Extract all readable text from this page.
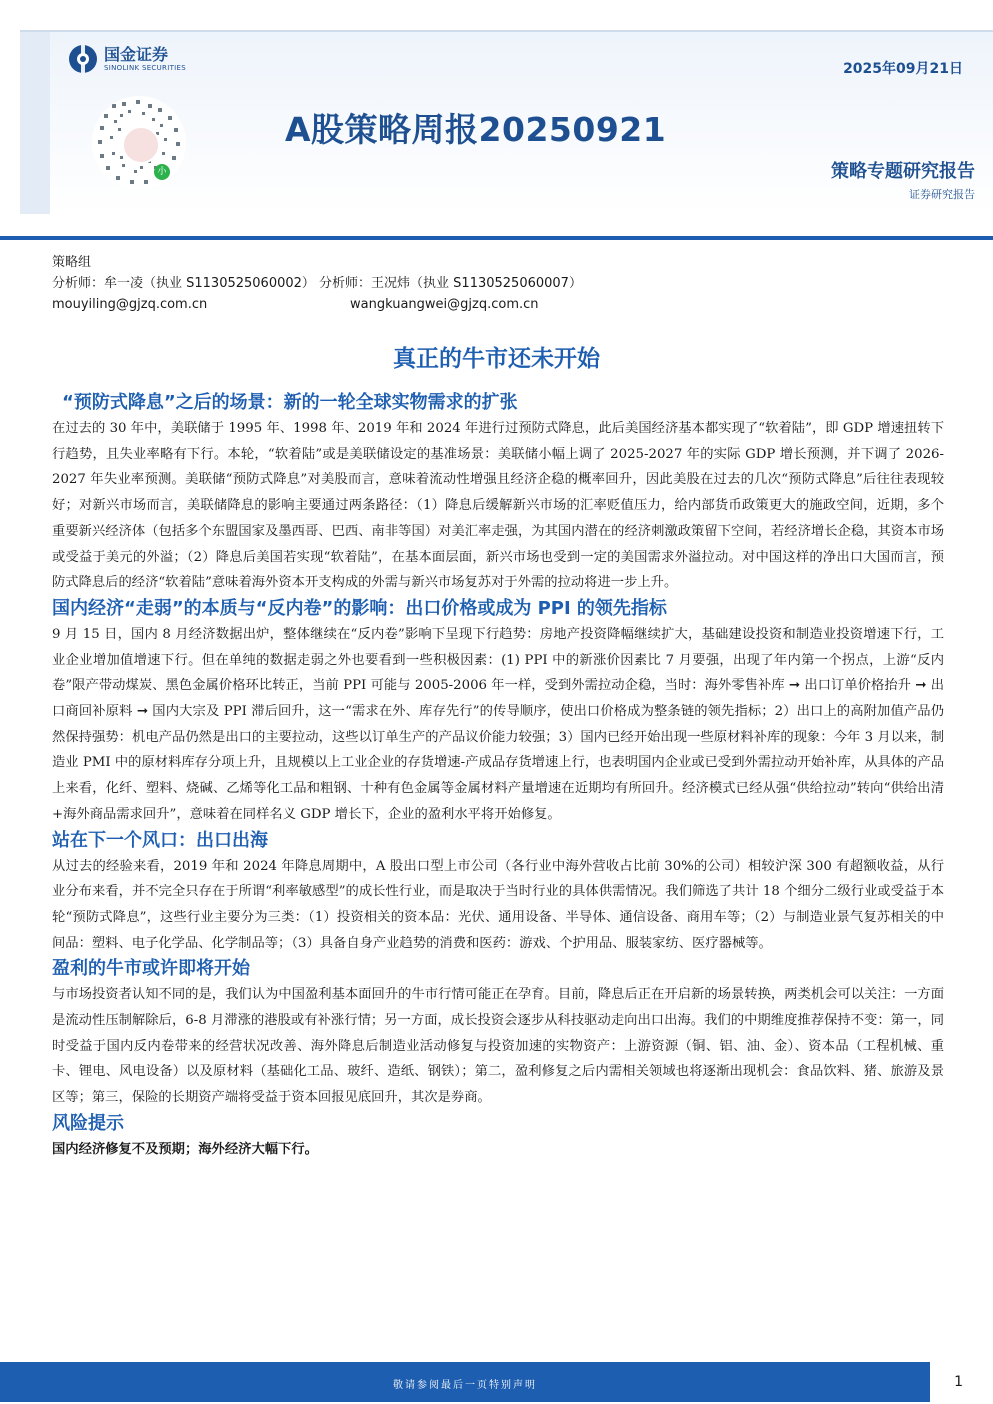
国金证券
SINOLINK SECURITIES
小
2025年09月21日
A股策略周报20250921
策略专题研究报告
证券研究报告
策略组
分析师：牟一凌（执业 S1130525060002） 分析师：王况炜（执业 S1130525060007）
mouyiling@gjzq.com.cn	wangkuangwei@gjzq.com.cn
真正的牛市还未开始
“预防式降息”之后的场景：新的一轮全球实物需求的扩张

在过去的 30 年中，美联储于 1995 年、1998 年、2019 年和 2024 年进行过预防式降息，此后美国经济基本都实现了“软着陆”，即 GDP 增速扭转下行趋势，且失业率略有下行。本轮，“软着陆”或是美联储设定的基准场景：美联储小幅上调了 2025-2027 年的实际 GDP 增长预测，并下调了 2026-2027 年失业率预测。美联储“预防式降息”对美股而言，意味着流动性增强且经济企稳的概率回升，因此美股在过去的几次“预防式降息”后往往表现较好；对新兴市场而言，美联储降息的影响主要通过两条路径：（1）降息后缓解新兴市场的汇率贬值压力，给内部货币政策更大的施政空间，近期，多个重要新兴经济体（包括多个东盟国家及墨西哥、巴西、南非等国）对美汇率走强，为其国内潜在的经济刺激政策留下空间，若经济增长企稳，其资本市场或受益于美元的外溢；（2）降息后美国若实现“软着陆”，在基本面层面，新兴市场也受到一定的美国需求外溢拉动。对中国这样的净出口大国而言，预防式降息后的经济“软着陆”意味着海外资本开支构成的外需与新兴市场复苏对于外需的拉动将进一步上升。

国内经济“走弱”的本质与“反内卷”的影响：出口价格或成为 PPI 的领先指标

9 月 15 日，国内 8 月经济数据出炉，整体继续在“反内卷”影响下呈现下行趋势：房地产投资降幅继续扩大，基础建设投资和制造业投资增速下行，工业企业增加值增速下行。但在单纯的数据走弱之外也要看到一些积极因素：(1) PPI 中的新涨价因素比 7 月要强，出现了年内第一个拐点，上游“反内卷”限产带动煤炭、黑色金属价格环比转正，当前 PPI 可能与 2005-2006 年一样，受到外需拉动企稳，当时：海外零售补库 ➞ 出口订单价格抬升 ➞ 出口商回补原料 ➞ 国内大宗及 PPI 滞后回升，这一“需求在外、库存先行”的传导顺序，使出口价格成为整条链的领先指标；2）出口上的高附加值产品仍然保持强势：机电产品仍然是出口的主要拉动，这些以订单生产的产品议价能力较强；3）国内已经开始出现一些原材料补库的现象：今年 3 月以来，制造业 PMI 中的原材料库存分项上升，且规模以上工业企业的存货增速-产成品存货增速上行，也表明国内企业或已受到外需拉动开始补库，从具体的产品上来看，化纤、塑料、烧碱、乙烯等化工品和粗钢、十种有色金属等金属材料产量增速在近期均有所回升。经济模式已经从强“供给拉动”转向“供给出清+海外商品需求回升”，意味着在同样名义 GDP 增长下，企业的盈利水平将开始修复。

站在下一个风口：出口出海

从过去的经验来看，2019 年和 2024 年降息周期中，A 股出口型上市公司（各行业中海外营收占比前 30%的公司）相较沪深 300 有超额收益，从行业分布来看，并不完全只存在于所谓“利率敏感型”的成长性行业，而是取决于当时行业的具体供需情况。我们筛选了共计 18 个细分二级行业或受益于本轮“预防式降息”，这些行业主要分为三类：（1）投资相关的资本品：光伏、通用设备、半导体、通信设备、商用车等；（2）与制造业景气复苏相关的中间品：塑料、电子化学品、化学制品等；（3）具备自身产业趋势的消费和医药：游戏、个护用品、服装家纺、医疗器械等。

盈利的牛市或许即将开始

与市场投资者认知不同的是，我们认为中国盈利基本面回升的牛市行情可能正在孕育。目前，降息后正在开启新的场景转换，两类机会可以关注：一方面是流动性压制解除后，6-8 月滞涨的港股或有补涨行情；另一方面，成长投资会逐步从科技驱动走向出口出海。我们的中期维度推荐保持不变：第一，同时受益于国内反内卷带来的经营状况改善、海外降息后制造业活动修复与投资加速的实物资产：上游资源（铜、铝、油、金）、资本品（工程机械、重卡、锂电、风电设备）以及原材料（基础化工品、玻纤、造纸、钢铁）；第二，盈利修复之后内需相关领域也将逐渐出现机会：食品饮料、猪、旅游及景区等；第三，保险的长期资产端将受益于资本回报见底回升，其次是券商。

风险提示
国内经济修复不及预期；海外经济大幅下行。
敬请参阅最后一页特别声明	1
